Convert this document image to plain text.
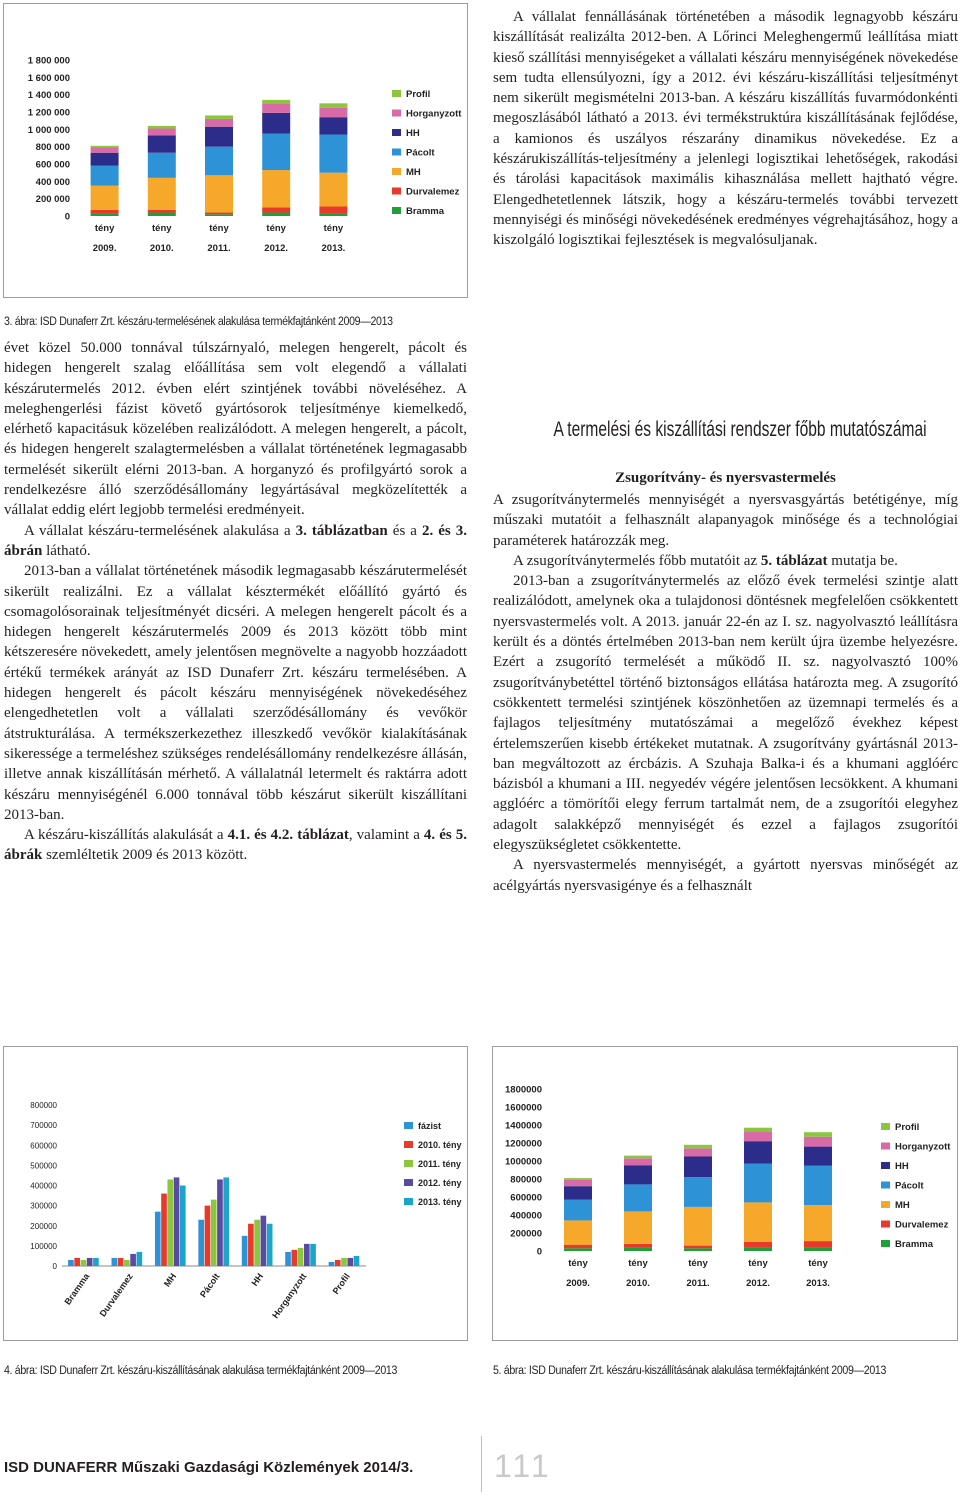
1 800 000
1 600 000
1 400 000
1 200 000
1 000 000
800 000
600 000
400 000
200 000
0
tény
2009.
tény
2010.
tény
2011.
tény
2012.
tény
2013.
Profil
Horganyzott
HH
Pácolt
MH
Durvalemez
Bramma
3. ábra: ISD Dunaferr Zrt. készáru-termelésének alakulása termékfajtánként 2009—2013

évet közel 50.000 tonnával túlszárnyaló, melegen hengerelt, pácolt és hidegen hengerelt szalag előállítása sem volt elegendő a vállalati készárutermelés 2012. évben elért szintjének további növeléséhez. A meleghengerlési fázist követő gyártósorok teljesítménye kiemelkedő, elérhető kapacitásuk közelében realizálódott. A melegen hengerelt, a pácolt, és hidegen hengerelt szalagtermelésben a vállalat történetének legmagasabb termelését sikerült elérni 2013-ban. A horganyzó és profilgyártó sorok a rendelkezésre álló szerződésállomány legyártásával megközelítették a vállalat eddig elért legjobb termelési eredményeit.

A vállalat készáru-termelésének alakulása a 3. táblázatban és a 2. és 3. ábrán látható.

2013-ban a vállalat történetének második legmagasabb készárutermelését sikerült realizálni. Ez a vállalat késztermékét előállító gyártó és csomagolósorainak teljesítményét dicséri. A melegen hengerelt pácolt és a hidegen hengerelt készárutermelés 2009 és 2013 között több mint kétszeresére növekedett, amely jelentősen megnövelte a nagyobb hozzáadott értékű termékek arányát az ISD Dunaferr Zrt. készáru termelésében. A hidegen hengerelt és pácolt készáru mennyiségének növekedéséhez elengedhetetlen volt a vállalati szerződésállomány és vevőkör átstrukturálása. A termékszerkezethez illeszkedő vevőkör kialakításának sikeressége a termeléshez szükséges rendelésállomány rendelkezésre állásán, illetve annak kiszállításán mérhető. A vállalatnál letermelt és raktárra adott készáru mennyiségénél 6.000 tonnával több készárut sikerült kiszállítani 2013-ban.

A készáru-kiszállítás alakulását a 4.1. és 4.2. táblázat, valamint a 4. és 5. ábrák szemléltetik 2009 és 2013 között.

A vállalat fennállásának történetében a második legnagyobb készáru kiszállítását realizálta 2012-ben. A Lőrinci Meleghengermű leállítása miatt kieső szállítási mennyiségeket a vállalati készáru mennyiségének növekedése sem tudta ellensúlyozni, így a 2012. évi készáru-kiszállítási teljesítményt nem sikerült megismételni 2013-ban. A készáru kiszállítás fuvarmódonkénti megoszlásából látható a 2013. évi termékstruktúra kiszállításának fejlődése, a kamionos és uszályos részarány dinamikus növekedése. Ez a készárukiszállítás-teljesítmény a jelenlegi logisztikai lehetőségek, rakodási és tárolási kapacitások maximális kihasználása mellett hajtható végre. Elengedhetetlennek látszik, hogy a készáru-termelés további tervezett mennyiségi és minőségi növekedésének eredményes végrehajtásához, hogy a kiszolgáló logisztikai fejlesztések is megvalósuljanak.

A termelési és kiszállítási rendszer főbb mutatószámai
Zsugorítvány- és nyersvastermelés

A zsugorítványtermelés mennyiségét a nyersvasgyártás betétigénye, míg műszaki mutatóit a felhasznált alapanyagok minősége és a technológiai paraméterek határozzák meg.

A zsugorítványtermelés főbb mutatóit az 5. táblázat mutatja be.

2013-ban a zsugorítványtermelés az előző évek termelési szintje alatt realizálódott, amelynek oka a tulajdonosi döntésnek megfelelően csökkentett nyersvastermelés volt. A 2013. január 22-én az I. sz. nagyolvasztó leállításra került és a döntés értelmében 2013-ban nem került újra üzembe helyezésre. Ezért a zsugorító termelését a működő II. sz. nagyolvasztó 100% zsugorítványbetéttel történő biztonságos ellátása határozta meg. A zsugorító csökkentett termelési szintjének köszönhetően az üzemnapi termelés és a fajlagos teljesítmény mutatószámai a megelőző évekhez képest értelemszerűen kisebb értékeket mutatnak. A zsugorítvány gyártásnál 2013-ban megváltozott az ércbázis. A Szuhaja Balka-i és a khumani agglóérc bázisból a khumani a III. negyedév végére jelentősen lecsökkent. A khumani agglóérc a tömörítői elegy ferrum tartalmát nem, de a zsugorítói elegyhez adagolt salakképző mennyiségét és ezzel a fajlagos zsugorítói elegyszükségletet csökkentette.

A nyersvastermelés mennyiségét, a gyártott nyersvas minőségét az acélgyártás nyersvasigénye és a felhasznált

800000
700000
600000
500000
400000
300000
200000
100000
0
Bramma Durvalemez	MH Pácolt	HH Horganyzott Profil
fázist
2010. tény
2011. tény
2012. tény
2013. tény
4. ábra: ISD Dunaferr Zrt. készáru-kiszállításának alakulása termékfajtánként 2009—2013
1800000
1600000
1400000
1200000
1000000
800000
600000
400000
200000
0
tény
2009.
tény
2010.
tény
2011.
tény
2012.
tény
2013.
Profil
Horganyzott
HH
Pácolt
MH
Durvalemez
Bramma
5. ábra: ISD Dunaferr Zrt. készáru-kiszállításának alakulása termékfajtánként 2009—2013
ISD DUNAFERR Műszaki Gazdasági Közlemények 2014/3.	111
